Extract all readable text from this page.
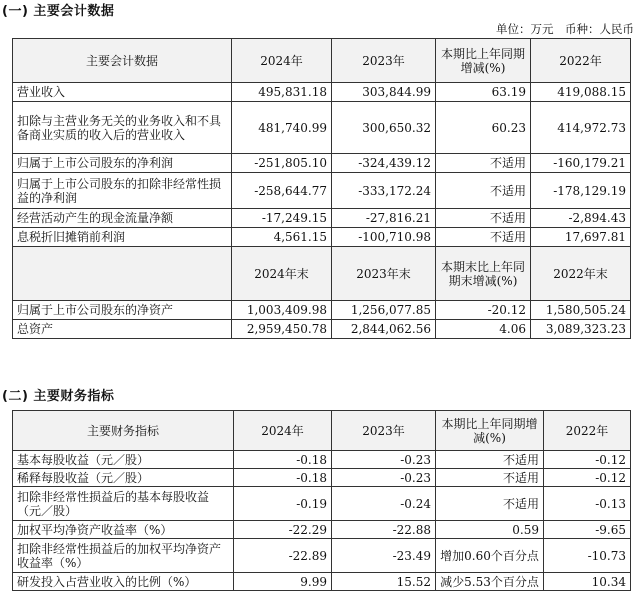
(一) 主要会计数据
单位：万元　币种：人民币
主要会计数据	2024年	2023年	本期比上年同期增减(%)	2022年
营业收入	495,831.18	303,844.99	63.19	419,088.15
扣除与主营业务无关的业务收入和不具备商业实质的收入后的营业收入	481,740.99	300,650.32	60.23	414,972.73
归属于上市公司股东的净利润	-251,805.10	-324,439.12	不适用	-160,179.21
归属于上市公司股东的扣除非经常性损益的净利润	-258,644.77	-333,172.24	不适用	-178,129.19
经营活动产生的现金流量净额	-17,249.15	-27,816.21	不适用	-2,894.43
息税折旧摊销前利润	4,561.15	-100,710.98	不适用	17,697.81
	2024年末	2023年末	本期末比上年同期末增减(%)	2022年末
归属于上市公司股东的净资产	1,003,409.98	1,256,077.85	-20.12	1,580,505.24
总资产	2,959,450.78	2,844,062.56	4.06	3,089,323.23
(二) 主要财务指标
主要财务指标	2024年	2023年	本期比上年同期增减(%)	2022年
基本每股收益（元／股）	-0.18	-0.23	不适用	-0.12
稀释每股收益（元／股）	-0.18	-0.23	不适用	-0.12
扣除非经常性损益后的基本每股收益（元／股）	-0.19	-0.24	不适用	-0.13
加权平均净资产收益率（%）	-22.29	-22.88	0.59	-9.65
扣除非经常性损益后的加权平均净资产收益率（%）	-22.89	-23.49	增加0.60个百分点	-10.73
研发投入占营业收入的比例（%）	9.99	15.52	减少5.53个百分点	10.34
